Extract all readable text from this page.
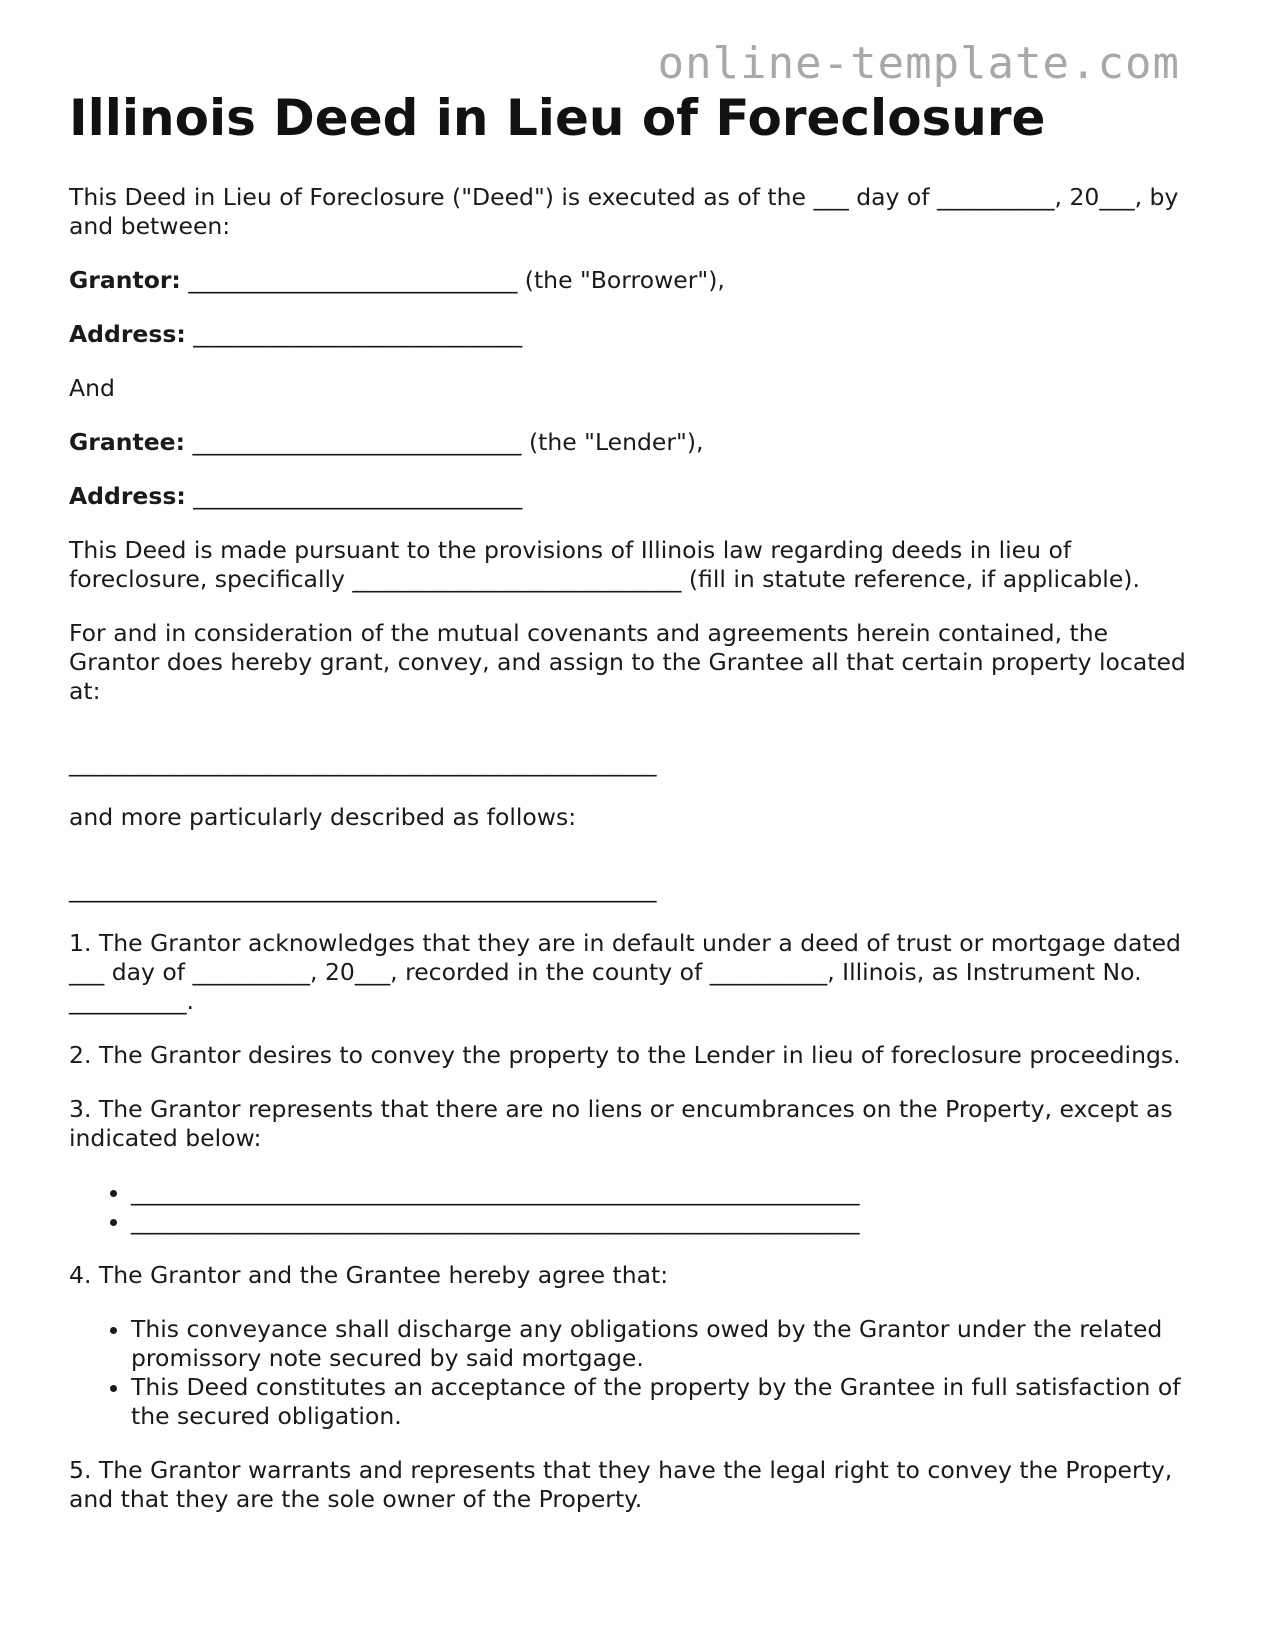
online-template.com
Illinois Deed in Lieu of Foreclosure

This Deed in Lieu of Foreclosure ("Deed") is executed as of the ___ day of __________, 20___, by and between:

Grantor: ____________________________ (the "Borrower"),

Address: ____________________________

And

Grantee: ____________________________ (the "Lender"),

Address: ____________________________

This Deed is made pursuant to the provisions of Illinois law regarding deeds in lieu of foreclosure, specifically ____________________________ (fill in statute reference, if applicable).

For and in consideration of the mutual covenants and agreements herein contained, the Grantor does hereby grant, convey, and assign to the Grantee all that certain property located at:

__________________________________________________

and more particularly described as follows:

__________________________________________________

1. The Grantor acknowledges that they are in default under a deed of trust or mortgage dated ___ day of __________, 20___, recorded in the county of __________, Illinois, as Instrument No. __________.

2. The Grantor desires to convey the property to the Lender in lieu of foreclosure proceedings.

3. The Grantor represents that there are no liens or encumbrances on the Property, except as indicated below:

• ______________________________________________________________
• ______________________________________________________________

4. The Grantor and the Grantee hereby agree that:

• This conveyance shall discharge any obligations owed by the Grantor under the related promissory note secured by said mortgage.
• This Deed constitutes an acceptance of the property by the Grantee in full satisfaction of the secured obligation.

5. The Grantor warrants and represents that they have the legal right to convey the Property, and that they are the sole owner of the Property.
